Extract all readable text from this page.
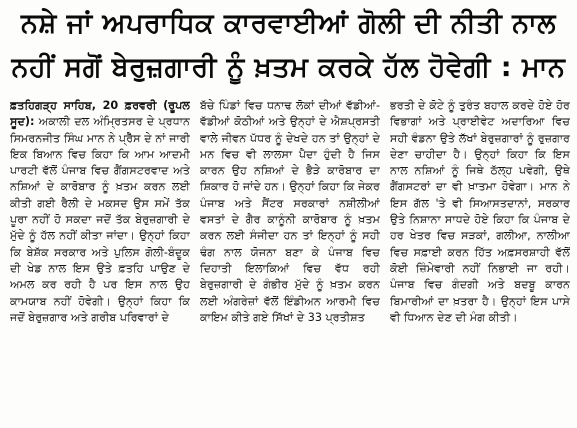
ਨਸ਼ੇ ਜਾਂ ਅਪਰਾਧਿਕ ਕਾਰਵਾਈਆਂ ਗੋਲੀ ਦੀ ਨੀਤੀ ਨਾਲ
ਨਹੀਂ ਸਗੋਂ ਬੇਰੁਜ਼ਗਾਰੀ ਨੂੰ ਖ਼ਤਮ ਕਰਕੇ ਹੱਲ ਹੋਵੇਗੀ : ਮਾਨ

ਫ਼ਤਹਿਗੜ੍ਹ ਸਾਹਿਬ, 20 ਫ਼ਰਵਰੀ (ਰੂਪਲ ਸੂਦ): ਅਕਾਲੀ ਦਲ ਅੰਮ੍ਰਿਤਸਰ ਦੇ ਪ੍ਰਧਾਨ ਸਿਮਰਨਜੀਤ ਸਿੰਘ ਮਾਨ ਨੇ ਪ੍ਰੈੱਸ ਦੇ ਨਾਂ ਜਾਰੀ ਇਕ ਬਿਆਨ ਵਿਚ ਕਿਹਾ ਕਿ ਆਮ ਆਦਮੀ ਪਾਰਟੀ ਵੱਲੋਂ ਪੰਜਾਬ ਵਿਚ ਗੈਂਗਸਟਰਵਾਦ ਅਤੇ ਨਸ਼ਿਆਂ ਦੇ ਕਾਰੋਬਾਰ ਨੂੰ ਖ਼ਤਮ ਕਰਨ ਲਈ ਕੀਤੀ ਗਈ ਰੈਲੀ ਦੇ ਮਕਸਦ ਉਸ ਸਮੇਂ ਤੱਕ ਪੂਰਾ ਨਹੀਂ ਹੋ ਸਕਦਾ ਜਦੋਂ ਤੱਕ ਬੇਰੁਜ਼ਗਾਰੀ ਦੇ ਮੁੱਦੇ ਨੂੰ ਹੱਲ ਨਹੀਂ ਕੀਤਾ ਜਾਂਦਾ। ਉਨ੍ਹਾਂ ਕਿਹਾ ਕਿ ਬੇਸ਼ੱਕ ਸਰਕਾਰ ਅਤੇ ਪੁਲਿਸ ਗੋਲੀ-ਬੰਦੂਕ ਦੀ ਖੇਡ ਨਾਲ ਇਸ ਉਤੇ ਫ਼ਤਹਿ ਪਾਉਣ ਦੇ ਅਮਲ ਕਰ ਰਹੀ ਹੈ ਪਰ ਇਸ ਨਾਲ ਉਹ ਕਾਮਯਾਬ ਨਹੀਂ ਹੋਵੇਗੀ। ਉਨ੍ਹਾਂ ਕਿਹਾ ਕਿ ਜਦੋਂ ਬੇਰੁਜ਼ਗਾਰ ਅਤੇ ਗਰੀਬ ਪਰਿਵਾਰਾਂ ਦੇ

ਬੱਚੇ ਪਿੰਡਾਂ ਵਿਚ ਧਨਾਢ ਲੋਕਾਂ ਦੀਆਂ ਵੱਡੀਆਂ-ਵੱਡੀਆਂ ਕੋਠੀਆਂ ਅਤੇ ਉਨ੍ਹਾਂ ਦੇ ਐਸ਼ਪ੍ਰਸਤੀ ਵਾਲੇ ਜੀਵਨ ਪੱਧਰ ਨੂੰ ਦੇਖਦੇ ਹਨ ਤਾਂ ਉਨ੍ਹਾਂ ਦੇ ਮਨ ਵਿਚ ਵੀ ਲਾਲਸਾ ਪੈਦਾ ਹੁੰਦੀ ਹੈ ਜਿਸ ਕਾਰਨ ਉਹ ਨਸ਼ਿਆਂ ਦੇ ਭੈੜੇ ਕਾਰੋਬਾਰ ਦਾ ਸ਼ਿਕਾਰ ਹੋ ਜਾਂਦੇ ਹਨ। ਉਨ੍ਹਾਂ ਕਿਹਾ ਕਿ ਜੇਕਰ ਪੰਜਾਬ ਅਤੇ ਸੈਂਟਰ ਸਰਕਾਰਾਂ ਨਸ਼ੀਲੀਆਂ ਵਸਤਾਂ ਦੇ ਗੈਰ ਕਾਨੂੰਨੀ ਕਾਰੋਬਾਰ ਨੂੰ ਖ਼ਤਮ ਕਰਨ ਲਈ ਸੰਜੀਦਾ ਹਨ ਤਾਂ ਇਨ੍ਹਾਂ ਨੂੰ ਸਹੀ ਢੰਗ ਨਾਲ ਯੋਜਨਾ ਬਣਾ ਕੇ ਪੰਜਾਬ ਵਿਚ ਦਿਹਾਤੀ ਇਲਾਕਿਆਂ ਵਿਚ ਵੱਧ ਰਹੀ ਬੇਰੁਜ਼ਗਾਰੀ ਦੇ ਗੰਭੀਰ ਮੁੱਦੇ ਨੂੰ ਖ਼ਤਮ ਕਰਨ ਲਈ ਅੰਗਰੇਜ਼ਾਂ ਵੱਲੋਂ ਇੰਡੀਅਨ ਆਰਮੀ ਵਿਚ ਕਾਇਮ ਕੀਤੇ ਗਏ ਸਿੱਖਾਂ ਦੇ 33 ਪ੍ਰਤੀਸ਼ਤ

ਭਰਤੀ ਦੇ ਕੋਟੇ ਨੂੰ ਤੁਰੰਤ ਬਹਾਲ ਕਰਦੇ ਹੋਏ ਹੋਰ ਵਿਭਾਗਾਂ ਅਤੇ ਪ੍ਰਾਈਵੇਟ ਅਦਾਰਿਆ ਵਿਚ ਸਹੀ ਵੰਡਨਾ ਉਤੇ ਲੱਖਾਂ ਬੇਰੁਜ਼ਗਾਰਾਂ ਨੂੰ ਰੁਜ਼ਗਾਰ ਦੇਣਾ ਚਾਹੀਦਾ ਹੈ। ਉਨ੍ਹਾਂ ਕਿਹਾ ਕਿ ਇਸ ਨਾਲ ਨਸ਼ਿਆਂ ਨੂੰ ਜਿਥੇ ਠੱਲ੍ਹ ਪਵੇਗੀ, ਉਥੇ ਗੈਂਗਸਟਰਾਂ ਦਾ ਵੀ ਖ਼ਾਤਮਾ ਹੋਵੇਗਾ। ਮਾਨ ਨੇ ਇਸ ਗੱਲ 'ਤੇ ਵੀ ਸਿਆਸਤਦਾਨਾਂ, ਸਰਕਾਰ ਉਤੇ ਨਿਸ਼ਾਨਾ ਸਾਧਦੇ ਹੋਏ ਕਿਹਾ ਕਿ ਪੰਜਾਬ ਦੇ ਹਰ ਖੇਤਰ ਵਿਚ ਸੜਕਾਂ, ਗਲੀਆ, ਨਾਲੀਆ ਵਿਚ ਸਫ਼ਾਈ ਕਰਨ ਹਿੱਤ ਅਫ਼ਸਰਸ਼ਾਹੀ ਵੱਲੋਂ ਕੋਈ ਜ਼ਿੰਮੇਵਾਰੀ ਨਹੀਂ ਨਿਭਾਈ ਜਾ ਰਹੀ। ਪੰਜਾਬ ਵਿਚ ਗੰਦਗੀ ਅਤੇ ਬਦਬੂ ਕਾਰਨ ਬਿਮਾਰੀਆਂ ਦਾ ਖ਼ਤਰਾ ਹੈ। ਉਨ੍ਹਾਂ ਇਸ ਪਾਸੇ ਵੀ ਧਿਆਨ ਦੇਣ ਦੀ ਮੰਗ ਕੀਤੀ।
